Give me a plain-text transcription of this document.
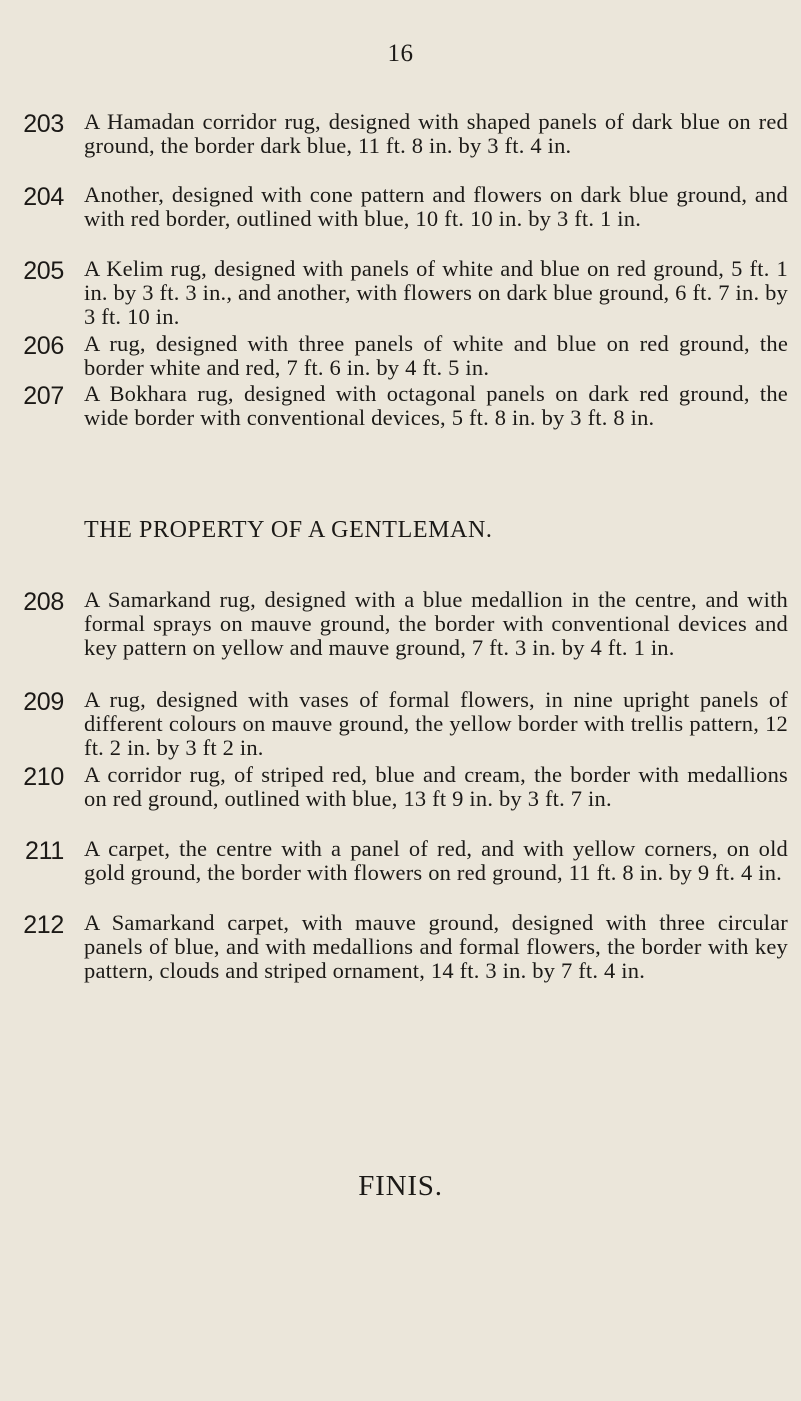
16
203 A Hamadan corridor rug, designed with shaped panels of dark blue on red ground, the border dark blue, 11 ft. 8 in. by 3 ft. 4 in.
204 Another, designed with cone pattern and flowers on dark blue ground, and with red border, outlined with blue, 10 ft. 10 in. by 3 ft. 1 in.
205 A Kelim rug, designed with panels of white and blue on red ground, 5 ft. 1 in. by 3 ft. 3 in., and another, with flowers on dark blue ground, 6 ft. 7 in. by 3 ft. 10 in.
206 A rug, designed with three panels of white and blue on red ground, the border white and red, 7 ft. 6 in. by 4 ft. 5 in.
207 A Bokhara rug, designed with octagonal panels on dark red ground, the wide border with conventional devices, 5 ft. 8 in. by 3 ft. 8 in.
THE PROPERTY OF A GENTLEMAN.
208 A Samarkand rug, designed with a blue medallion in the centre, and with formal sprays on mauve ground, the border with conventional devices and key pattern on yellow and mauve ground, 7 ft. 3 in. by 4 ft. 1 in.
209 A rug, designed with vases of formal flowers, in nine upright panels of different colours on mauve ground, the yellow border with trellis pattern, 12 ft. 2 in. by 3 ft 2 in.
210 A corridor rug, of striped red, blue and cream, the border with medallions on red ground, outlined with blue, 13 ft 9 in. by 3 ft. 7 in.
211 A carpet, the centre with a panel of red, and with yellow corners, on old gold ground, the border with flowers on red ground, 11 ft. 8 in. by 9 ft. 4 in.
212 A Samarkand carpet, with mauve ground, designed with three circular panels of blue, and with medallions and formal flowers, the border with key pattern, clouds and striped ornament, 14 ft. 3 in. by 7 ft. 4 in.
FINIS.
